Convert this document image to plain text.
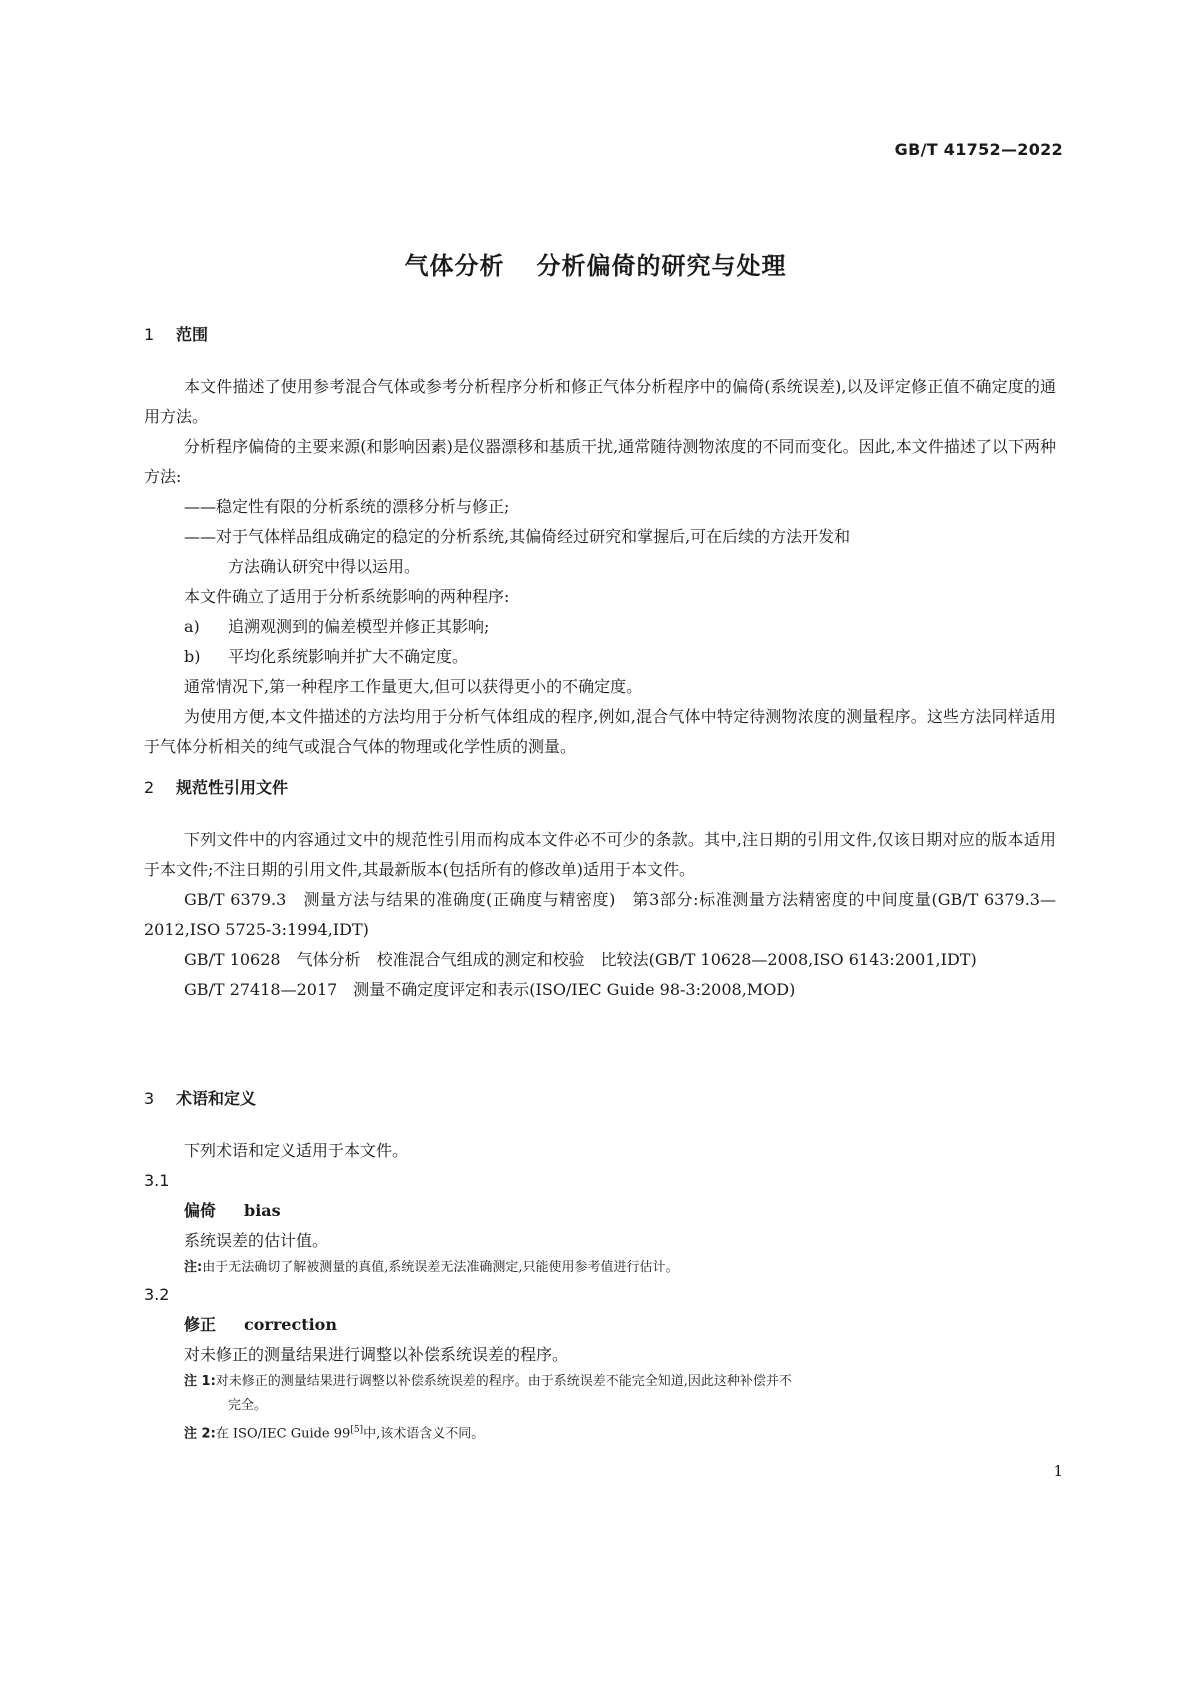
GB/T 41752—2022
气体分析 分析偏倚的研究与处理
1 范围

本文件描述了使用参考混合气体或参考分析程序分析和修正气体分析程序中的偏倚(系统误差),以及评定修正值不确定度的通用方法。

分析程序偏倚的主要来源(和影响因素)是仪器漂移和基质干扰,通常随待测物浓度的不同而变化。因此,本文件描述了以下两种方法:

——稳定性有限的分析系统的漂移分析与修正;

——对于气体样品组成确定的稳定的分析系统,其偏倚经过研究和掌握后,可在后续的方法开发和

方法确认研究中得以运用。

本文件确立了适用于分析系统影响的两种程序:

a) 追溯观测到的偏差模型并修正其影响;

b) 平均化系统影响并扩大不确定度。

通常情况下,第一种程序工作量更大,但可以获得更小的不确定度。

为使用方便,本文件描述的方法均用于分析气体组成的程序,例如,混合气体中特定待测物浓度的测量程序。这些方法同样适用于气体分析相关的纯气或混合气体的物理或化学性质的测量。

2 规范性引用文件

下列文件中的内容通过文中的规范性引用而构成本文件必不可少的条款。其中,注日期的引用文件,仅该日期对应的版本适用于本文件;不注日期的引用文件,其最新版本(包括所有的修改单)适用于本文件。

GB/T 6379.3　测量方法与结果的准确度(正确度与精密度)　第3部分:标准测量方法精密度的中间度量(GB/T 6379.3—2012,ISO 5725-3:1994,IDT)

GB/T 10628　气体分析　校准混合气组成的测定和校验　比较法(GB/T 10628—2008,ISO 6143:2001,IDT)

GB/T 27418—2017　测量不确定度评定和表示(ISO/IEC Guide 98-3:2008,MOD)

3 术语和定义

下列术语和定义适用于本文件。

3.1
偏倚 bias

系统误差的估计值。

注:由于无法确切了解被测量的真值,系统误差无法准确测定,只能使用参考值进行估计。

3.2
修正 correction

对未修正的测量结果进行调整以补偿系统误差的程序。

注 1:对未修正的测量结果进行调整以补偿系统误差的程序。由于系统误差不能完全知道,因此这种补偿并不

完全。

注 2:在 ISO/IEC Guide 99[5]中,该术语含义不同。

1
